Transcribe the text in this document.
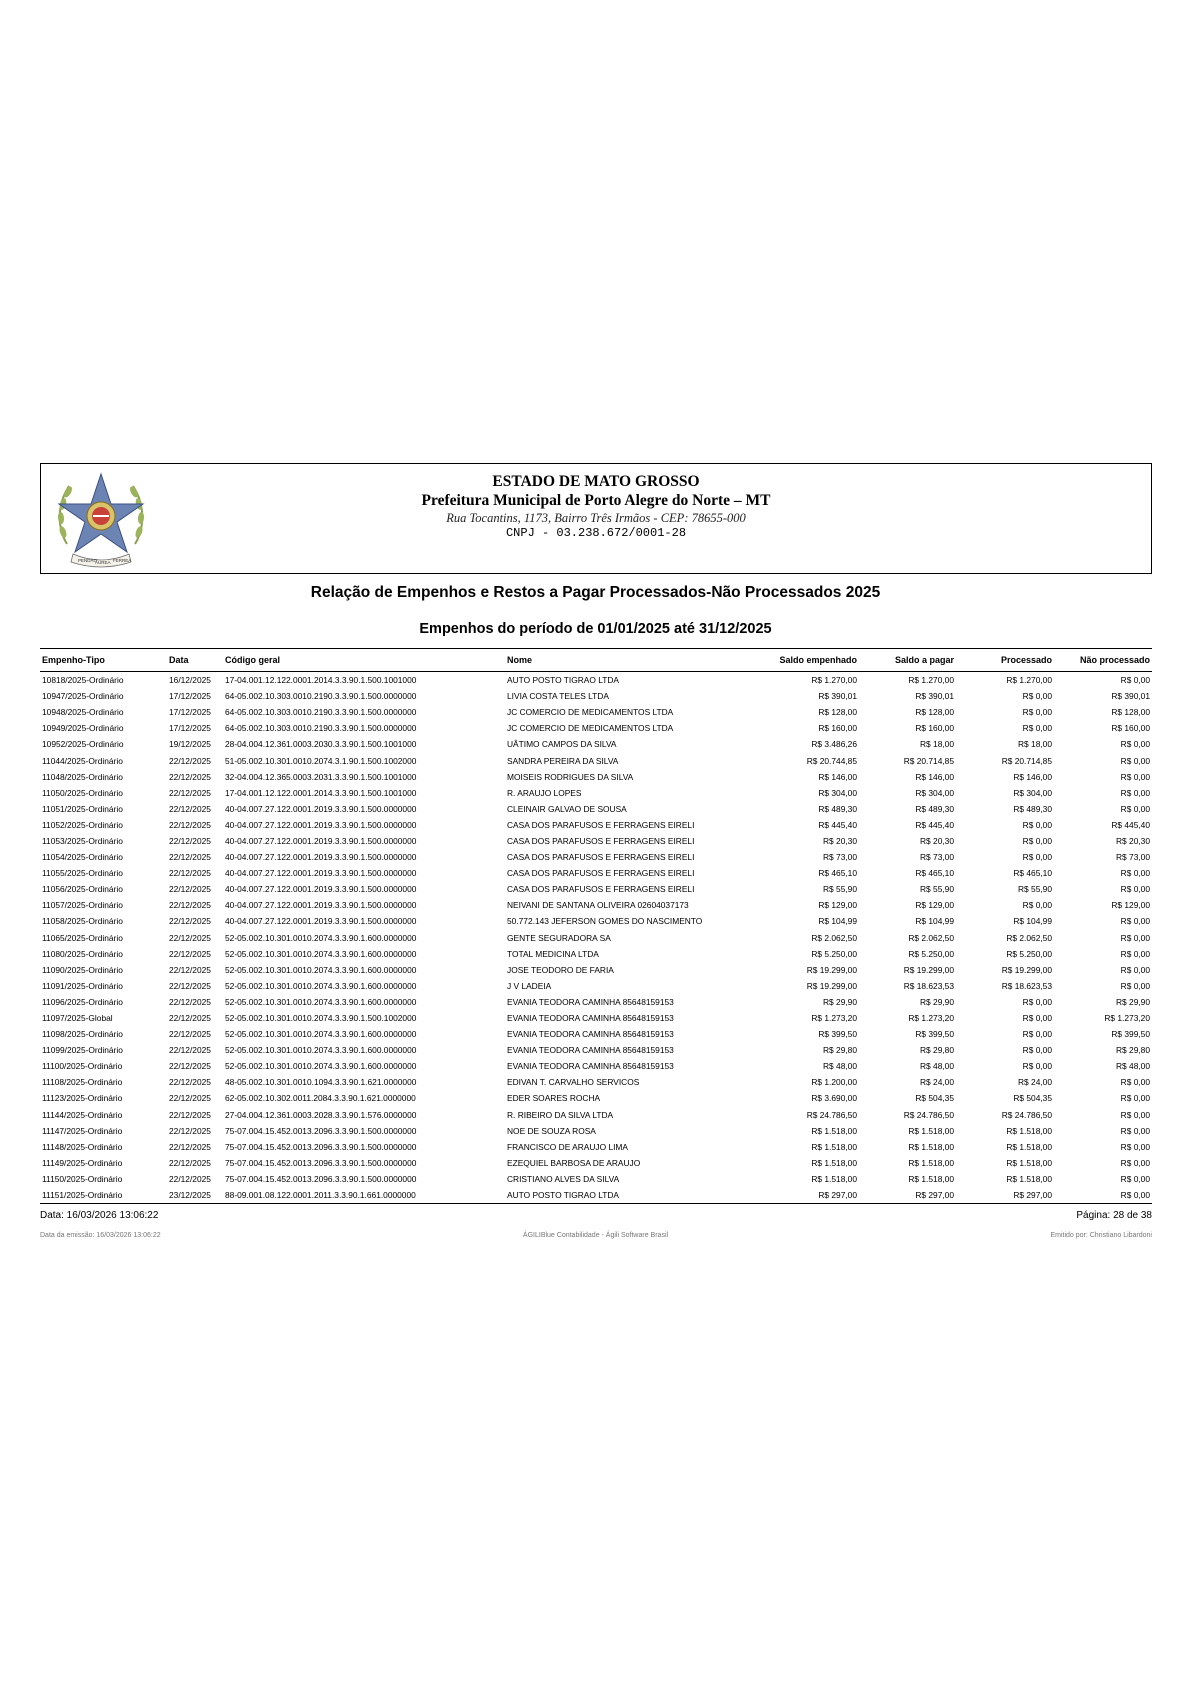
PENDÃO
ÁUREA FERREA
ESTADO DE MATO GROSSO
Prefeitura Municipal de Porto Alegre do Norte – MT
Rua Tocantins, 1173, Bairro Três Irmãos - CEP: 78655-000
CNPJ - 03.238.672/0001-28
Relação de Empenhos e Restos a Pagar Processados-Não Processados 2025
Empenhos do período de 01/01/2025 até 31/12/2025
Empenho-Tipo	Data	Código geral	Nome	Saldo empenhado	Saldo a pagar	Processado	Não processado
10818/2025-Ordinário	16/12/2025	17-04.001.12.122.0001.2014.3.3.90.1.500.1001000	AUTO POSTO TIGRAO LTDA	R$ 1.270,00	R$ 1.270,00	R$ 1.270,00	R$ 0,00
10947/2025-Ordinário	17/12/2025	64-05.002.10.303.0010.2190.3.3.90.1.500.0000000	LIVIA COSTA TELES LTDA	R$ 390,01	R$ 390,01	R$ 0,00	R$ 390,01
10948/2025-Ordinário	17/12/2025	64-05.002.10.303.0010.2190.3.3.90.1.500.0000000	JC COMERCIO DE MEDICAMENTOS LTDA	R$ 128,00	R$ 128,00	R$ 0,00	R$ 128,00
10949/2025-Ordinário	17/12/2025	64-05.002.10.303.0010.2190.3.3.90.1.500.0000000	JC COMERCIO DE MEDICAMENTOS LTDA	R$ 160,00	R$ 160,00	R$ 0,00	R$ 160,00
10952/2025-Ordinário	19/12/2025	28-04.004.12.361.0003.2030.3.3.90.1.500.1001000	UÂTIMO CAMPOS DA SILVA	R$ 3.486,26	R$ 18,00	R$ 18,00	R$ 0,00
11044/2025-Ordinário	22/12/2025	51-05.002.10.301.0010.2074.3.1.90.1.500.1002000	SANDRA PEREIRA DA SILVA	R$ 20.744,85	R$ 20.714,85	R$ 20.714,85	R$ 0,00
11048/2025-Ordinário	22/12/2025	32-04.004.12.365.0003.2031.3.3.90.1.500.1001000	MOISEIS RODRIGUES DA SILVA	R$ 146,00	R$ 146,00	R$ 146,00	R$ 0,00
11050/2025-Ordinário	22/12/2025	17-04.001.12.122.0001.2014.3.3.90.1.500.1001000	R. ARAUJO LOPES	R$ 304,00	R$ 304,00	R$ 304,00	R$ 0,00
11051/2025-Ordinário	22/12/2025	40-04.007.27.122.0001.2019.3.3.90.1.500.0000000	CLEINAIR GALVAO DE SOUSA	R$ 489,30	R$ 489,30	R$ 489,30	R$ 0,00
11052/2025-Ordinário	22/12/2025	40-04.007.27.122.0001.2019.3.3.90.1.500.0000000	CASA DOS PARAFUSOS E FERRAGENS EIRELI	R$ 445,40	R$ 445,40	R$ 0,00	R$ 445,40
11053/2025-Ordinário	22/12/2025	40-04.007.27.122.0001.2019.3.3.90.1.500.0000000	CASA DOS PARAFUSOS E FERRAGENS EIRELI	R$ 20,30	R$ 20,30	R$ 0,00	R$ 20,30
11054/2025-Ordinário	22/12/2025	40-04.007.27.122.0001.2019.3.3.90.1.500.0000000	CASA DOS PARAFUSOS E FERRAGENS EIRELI	R$ 73,00	R$ 73,00	R$ 0,00	R$ 73,00
11055/2025-Ordinário	22/12/2025	40-04.007.27.122.0001.2019.3.3.90.1.500.0000000	CASA DOS PARAFUSOS E FERRAGENS EIRELI	R$ 465,10	R$ 465,10	R$ 465,10	R$ 0,00
11056/2025-Ordinário	22/12/2025	40-04.007.27.122.0001.2019.3.3.90.1.500.0000000	CASA DOS PARAFUSOS E FERRAGENS EIRELI	R$ 55,90	R$ 55,90	R$ 55,90	R$ 0,00
11057/2025-Ordinário	22/12/2025	40-04.007.27.122.0001.2019.3.3.90.1.500.0000000	NEIVANI DE SANTANA OLIVEIRA 02604037173	R$ 129,00	R$ 129,00	R$ 0,00	R$ 129,00
11058/2025-Ordinário	22/12/2025	40-04.007.27.122.0001.2019.3.3.90.1.500.0000000	50.772.143 JEFERSON GOMES DO NASCIMENTO	R$ 104,99	R$ 104,99	R$ 104,99	R$ 0,00
11065/2025-Ordinário	22/12/2025	52-05.002.10.301.0010.2074.3.3.90.1.600.0000000	GENTE SEGURADORA SA	R$ 2.062,50	R$ 2.062,50	R$ 2.062,50	R$ 0,00
11080/2025-Ordinário	22/12/2025	52-05.002.10.301.0010.2074.3.3.90.1.600.0000000	TOTAL MEDICINA LTDA	R$ 5.250,00	R$ 5.250,00	R$ 5.250,00	R$ 0,00
11090/2025-Ordinário	22/12/2025	52-05.002.10.301.0010.2074.3.3.90.1.600.0000000	JOSE TEODORO DE FARIA	R$ 19.299,00	R$ 19.299,00	R$ 19.299,00	R$ 0,00
11091/2025-Ordinário	22/12/2025	52-05.002.10.301.0010.2074.3.3.90.1.600.0000000	J V LADEIA	R$ 19.299,00	R$ 18.623,53	R$ 18.623,53	R$ 0,00
11096/2025-Ordinário	22/12/2025	52-05.002.10.301.0010.2074.3.3.90.1.600.0000000	EVANIA TEODORA CAMINHA 85648159153	R$ 29,90	R$ 29,90	R$ 0,00	R$ 29,90
11097/2025-Global	22/12/2025	52-05.002.10.301.0010.2074.3.3.90.1.500.1002000	EVANIA TEODORA CAMINHA 85648159153	R$ 1.273,20	R$ 1.273,20	R$ 0,00	R$ 1.273,20
11098/2025-Ordinário	22/12/2025	52-05.002.10.301.0010.2074.3.3.90.1.600.0000000	EVANIA TEODORA CAMINHA 85648159153	R$ 399,50	R$ 399,50	R$ 0,00	R$ 399,50
11099/2025-Ordinário	22/12/2025	52-05.002.10.301.0010.2074.3.3.90.1.600.0000000	EVANIA TEODORA CAMINHA 85648159153	R$ 29,80	R$ 29,80	R$ 0,00	R$ 29,80
11100/2025-Ordinário	22/12/2025	52-05.002.10.301.0010.2074.3.3.90.1.600.0000000	EVANIA TEODORA CAMINHA 85648159153	R$ 48,00	R$ 48,00	R$ 0,00	R$ 48,00
11108/2025-Ordinário	22/12/2025	48-05.002.10.301.0010.1094.3.3.90.1.621.0000000	EDIVAN T. CARVALHO SERVICOS	R$ 1.200,00	R$ 24,00	R$ 24,00	R$ 0,00
11123/2025-Ordinário	22/12/2025	62-05.002.10.302.0011.2084.3.3.90.1.621.0000000	EDER SOARES ROCHA	R$ 3.690,00	R$ 504,35	R$ 504,35	R$ 0,00
11144/2025-Ordinário	22/12/2025	27-04.004.12.361.0003.2028.3.3.90.1.576.0000000	R. RIBEIRO DA SILVA LTDA	R$ 24.786,50	R$ 24.786,50	R$ 24.786,50	R$ 0,00
11147/2025-Ordinário	22/12/2025	75-07.004.15.452.0013.2096.3.3.90.1.500.0000000	NOE DE SOUZA ROSA	R$ 1.518,00	R$ 1.518,00	R$ 1.518,00	R$ 0,00
11148/2025-Ordinário	22/12/2025	75-07.004.15.452.0013.2096.3.3.90.1.500.0000000	FRANCISCO DE ARAUJO LIMA	R$ 1.518,00	R$ 1.518,00	R$ 1.518,00	R$ 0,00
11149/2025-Ordinário	22/12/2025	75-07.004.15.452.0013.2096.3.3.90.1.500.0000000	EZEQUIEL BARBOSA DE ARAUJO	R$ 1.518,00	R$ 1.518,00	R$ 1.518,00	R$ 0,00
11150/2025-Ordinário	22/12/2025	75-07.004.15.452.0013.2096.3.3.90.1.500.0000000	CRISTIANO ALVES DA SILVA	R$ 1.518,00	R$ 1.518,00	R$ 1.518,00	R$ 0,00
11151/2025-Ordinário	23/12/2025	88-09.001.08.122.0001.2011.3.3.90.1.661.0000000	AUTO POSTO TIGRAO LTDA	R$ 297,00	R$ 297,00	R$ 297,00	R$ 0,00
Data: 16/03/2026 13:06:22	Página: 28 de 38
Data da emissão: 16/03/2026 13:06:22	ÁGILIBlue Contabilidade - Ágili Software Brasil	Emitido por: Christiano Libardoni
